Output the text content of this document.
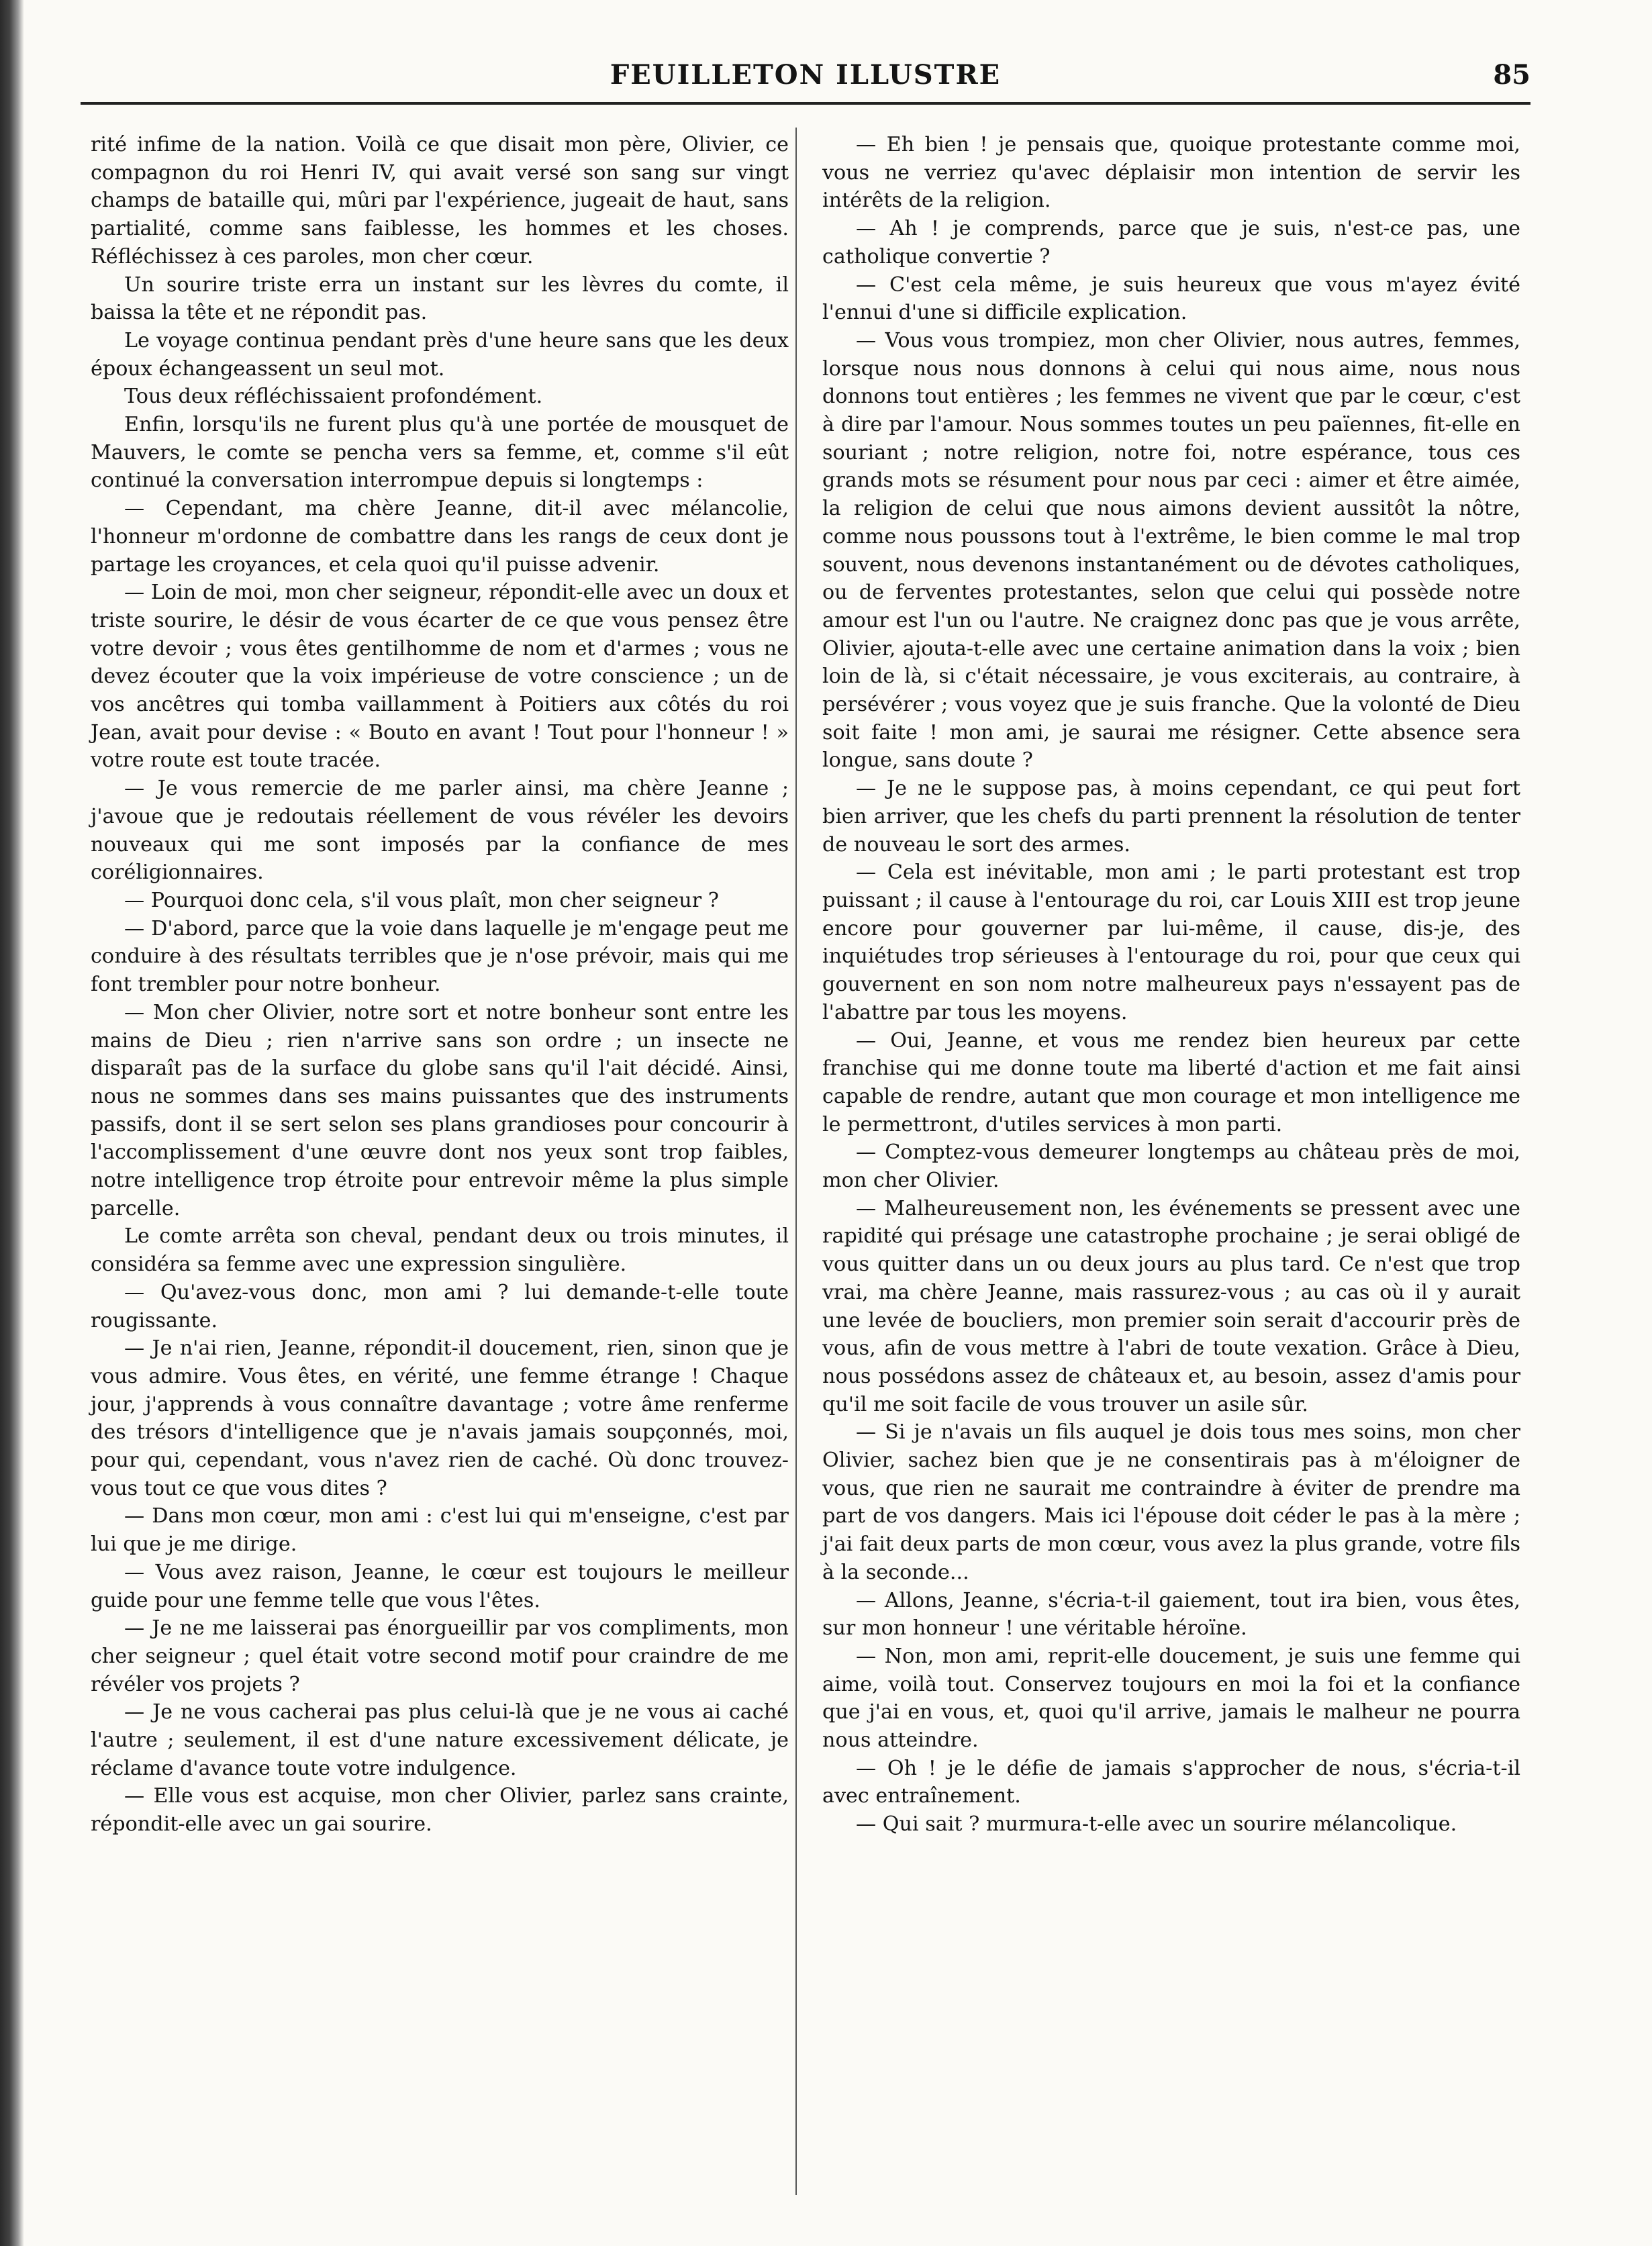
FEUILLETON ILLUSTRE	85

rité infime de la nation. Voilà ce que disait mon père, Olivier, ce compagnon du roi Henri IV, qui avait versé son sang sur vingt champs de bataille qui, mûri par l'expérience, jugeait de haut, sans partialité, comme sans faiblesse, les hommes et les choses. Réfléchissez à ces paroles, mon cher cœur.

Un sourire triste erra un instant sur les lèvres du comte, il baissa la tête et ne répondit pas.

Le voyage continua pendant près d'une heure sans que les deux époux échangeassent un seul mot.

Tous deux réfléchissaient profondément.

Enfin, lorsqu'ils ne furent plus qu'à une portée de mousquet de Mauvers, le comte se pencha vers sa femme, et, comme s'il eût continué la conversation interrompue depuis si longtemps :

— Cependant, ma chère Jeanne, dit-il avec mélancolie, l'honneur m'ordonne de combattre dans les rangs de ceux dont je partage les croyances, et cela quoi qu'il puisse advenir.

— Loin de moi, mon cher seigneur, répondit-elle avec un doux et triste sourire, le désir de vous écarter de ce que vous pensez être votre devoir ; vous êtes gentilhomme de nom et d'armes ; vous ne devez écouter que la voix impérieuse de votre conscience ; un de vos ancêtres qui tomba vaillamment à Poitiers aux côtés du roi Jean, avait pour devise : « Bouto en avant ! Tout pour l'honneur ! » votre route est toute tracée.

— Je vous remercie de me parler ainsi, ma chère Jeanne ; j'avoue que je redoutais réellement de vous révéler les devoirs nouveaux qui me sont imposés par la confiance de mes coréligionnaires.

— Pourquoi donc cela, s'il vous plaît, mon cher seigneur ?

— D'abord, parce que la voie dans laquelle je m'engage peut me conduire à des résultats terribles que je n'ose prévoir, mais qui me font trembler pour notre bonheur.

— Mon cher Olivier, notre sort et notre bonheur sont entre les mains de Dieu ; rien n'arrive sans son ordre ; un insecte ne disparaît pas de la surface du globe sans qu'il l'ait décidé. Ainsi, nous ne sommes dans ses mains puissantes que des instruments passifs, dont il se sert selon ses plans grandioses pour concourir à l'accomplissement d'une œuvre dont nos yeux sont trop faibles, notre intelligence trop étroite pour entrevoir même la plus simple parcelle.

Le comte arrêta son cheval, pendant deux ou trois minutes, il considéra sa femme avec une expression singulière.

— Qu'avez-vous donc, mon ami ? lui demande-t-elle toute rougissante.

— Je n'ai rien, Jeanne, répondit-il doucement, rien, sinon que je vous admire. Vous êtes, en vérité, une femme étrange ! Chaque jour, j'apprends à vous connaître davantage ; votre âme renferme des trésors d'intelligence que je n'avais jamais soupçonnés, moi, pour qui, cependant, vous n'avez rien de caché. Où donc trouvez-vous tout ce que vous dites ?

— Dans mon cœur, mon ami : c'est lui qui m'enseigne, c'est par lui que je me dirige.

— Vous avez raison, Jeanne, le cœur est toujours le meilleur guide pour une femme telle que vous l'êtes.

— Je ne me laisserai pas énorgueillir par vos compliments, mon cher seigneur ; quel était votre second motif pour craindre de me révéler vos projets ?

— Je ne vous cacherai pas plus celui-là que je ne vous ai caché l'autre ; seulement, il est d'une nature excessivement délicate, je réclame d'avance toute votre indulgence.

— Elle vous est acquise, mon cher Olivier, parlez sans crainte, répondit-elle avec un gai sourire.

— Eh bien ! je pensais que, quoique protestante comme moi, vous ne verriez qu'avec déplaisir mon intention de servir les intérêts de la religion.

— Ah ! je comprends, parce que je suis, n'est-ce pas, une catholique convertie ?

— C'est cela même, je suis heureux que vous m'ayez évité l'ennui d'une si difficile explication.

— Vous vous trompiez, mon cher Olivier, nous autres, femmes, lorsque nous nous donnons à celui qui nous aime, nous nous donnons tout entières ; les femmes ne vivent que par le cœur, c'est à dire par l'amour. Nous sommes toutes un peu païennes, fit-elle en souriant ; notre religion, notre foi, notre espérance, tous ces grands mots se résument pour nous par ceci : aimer et être aimée, la religion de celui que nous aimons devient aussitôt la nôtre, comme nous poussons tout à l'extrême, le bien comme le mal trop souvent, nous devenons instantanément ou de dévotes catholiques, ou de ferventes protestantes, selon que celui qui possède notre amour est l'un ou l'autre. Ne craignez donc pas que je vous arrête, Olivier, ajouta-t-elle avec une certaine animation dans la voix ; bien loin de là, si c'était nécessaire, je vous exciterais, au contraire, à persévérer ; vous voyez que je suis franche. Que la volonté de Dieu soit faite ! mon ami, je saurai me résigner. Cette absence sera longue, sans doute ?

— Je ne le suppose pas, à moins cependant, ce qui peut fort bien arriver, que les chefs du parti prennent la résolution de tenter de nouveau le sort des armes.

— Cela est inévitable, mon ami ; le parti protestant est trop puissant ; il cause à l'entourage du roi, car Louis XIII est trop jeune encore pour gouverner par lui-même, il cause, dis-je, des inquiétudes trop sérieuses à l'entourage du roi, pour que ceux qui gouvernent en son nom notre malheureux pays n'essayent pas de l'abattre par tous les moyens.

— Oui, Jeanne, et vous me rendez bien heureux par cette franchise qui me donne toute ma liberté d'action et me fait ainsi capable de rendre, autant que mon courage et mon intelligence me le permettront, d'utiles services à mon parti.

— Comptez-vous demeurer longtemps au château près de moi, mon cher Olivier.

— Malheureusement non, les événements se pressent avec une rapidité qui présage une catastrophe prochaine ; je serai obligé de vous quitter dans un ou deux jours au plus tard. Ce n'est que trop vrai, ma chère Jeanne, mais rassurez-vous ; au cas où il y aurait une levée de boucliers, mon premier soin serait d'accourir près de vous, afin de vous mettre à l'abri de toute vexation. Grâce à Dieu, nous possédons assez de châteaux et, au besoin, assez d'amis pour qu'il me soit facile de vous trouver un asile sûr.

— Si je n'avais un fils auquel je dois tous mes soins, mon cher Olivier, sachez bien que je ne consentirais pas à m'éloigner de vous, que rien ne saurait me contraindre à éviter de prendre ma part de vos dangers. Mais ici l'épouse doit céder le pas à la mère ; j'ai fait deux parts de mon cœur, vous avez la plus grande, votre fils à la seconde...

— Allons, Jeanne, s'écria-t-il gaiement, tout ira bien, vous êtes, sur mon honneur ! une véritable héroïne.

— Non, mon ami, reprit-elle doucement, je suis une femme qui aime, voilà tout. Conservez toujours en moi la foi et la confiance que j'ai en vous, et, quoi qu'il arrive, jamais le malheur ne pourra nous atteindre.

— Oh ! je le défie de jamais s'approcher de nous, s'écria-t-il avec entraînement.

— Qui sait ? murmura-t-elle avec un sourire mélancolique.
